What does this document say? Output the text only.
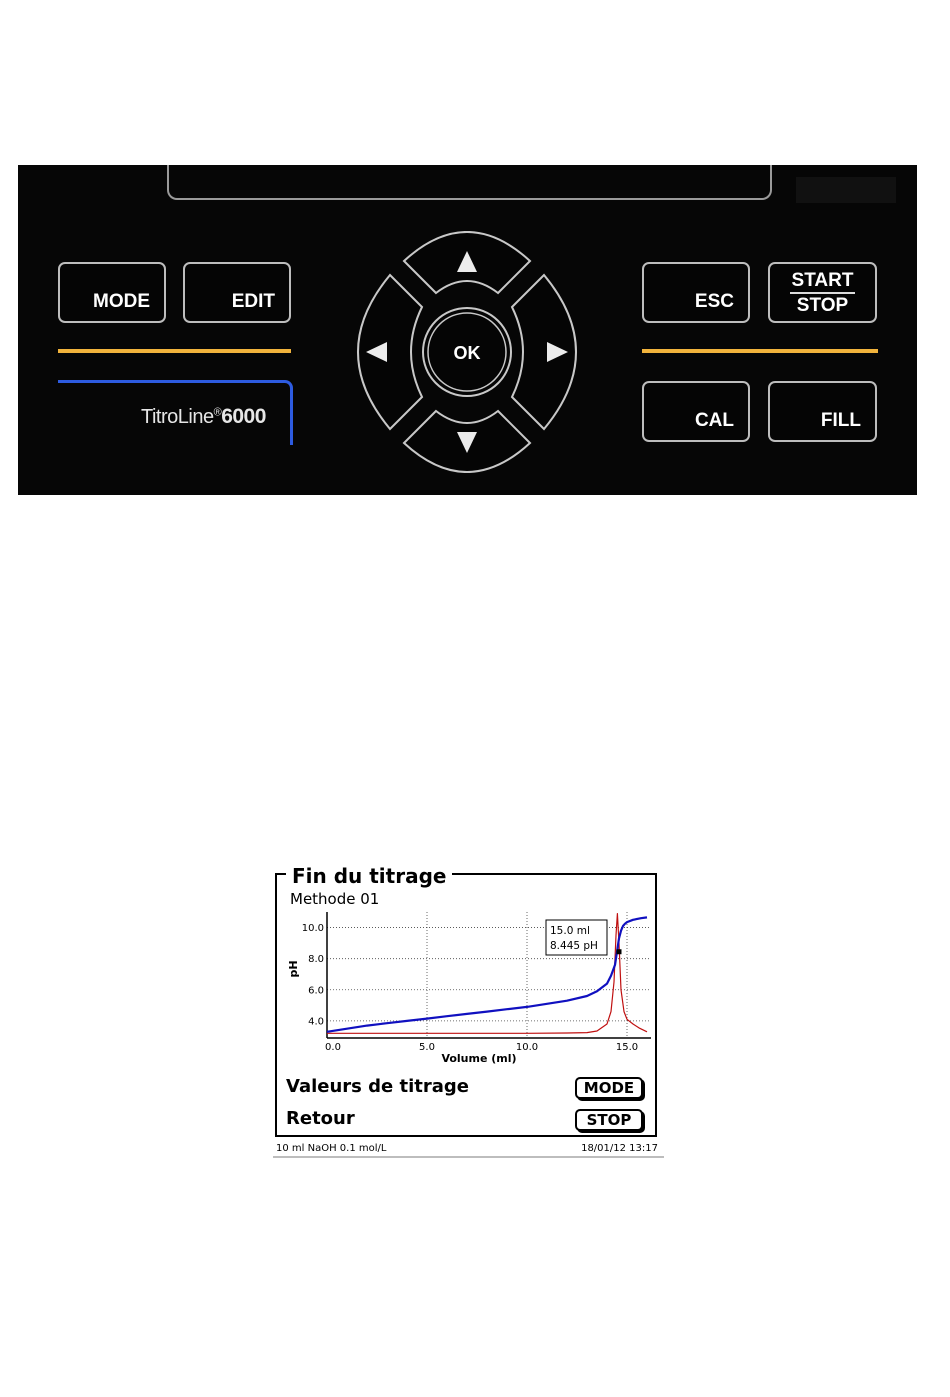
MODE	EDIT
TitroLine®6000
OK
ESC
START
STOP
CAL	FILL
Fin du titrage
Methode 01
0.0	5.0	10.0	15.0
4.0
6.0
8.0
10.0
Volume (ml)
pH
15.0 ml
8.445 pH
Valeurs de titrage	MODE
Retour	STOP
10 ml NaOH 0.1 mol/L	18/01/12 13:17
